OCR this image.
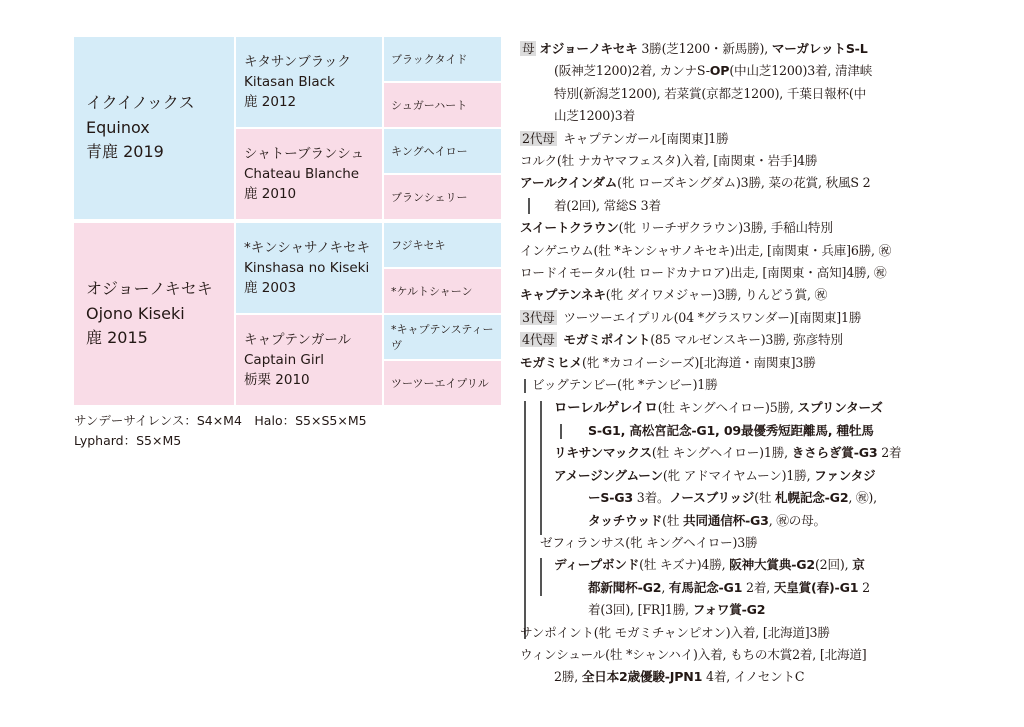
イクイノックス
Equinox
青鹿 2019
オジョーノキセキ
Ojono Kiseki
鹿 2015
キタサンブラック
Kitasan Black
鹿 2012
シャトーブランシュ
Chateau Blanche
鹿 2010
*キンシャサノキセキ
Kinshasa no Kiseki
鹿 2003
キャプテンガール
Captain Girl
栃栗 2010
ブラックタイド
シュガーハート
キングヘイロー
ブランシェリー
フジキセキ
*ケルトシャーン
*キャプテンスティーヴ
ツーツーエイプリル
サンデーサイレンス：S4×M4　Halo：S5×S5×M5
Lyphard：S5×M5
母 オジョーノキセキ 3勝(芝1200・新馬勝), マーガレットS-L
(阪神芝1200)2着, カンナS-OP(中山芝1200)3着, 清津峡
特別(新潟芝1200), 若菜賞(京都芝1200), 千葉日報杯(中
山芝1200)3着
2代母 キャプテンガール[南関東]1勝
コルク(牡 ナカヤマフェスタ)入着, [南関東・岩手]4勝
アールクインダム(牝 ローズキングダム)3勝, 菜の花賞, 秋風S 2
着(2回), 常総S 3着
スイートクラウン(牝 リーチザクラウン)3勝, 手稲山特別
インゲニウム(牡 *キンシャサノキセキ)出走, [南関東・兵庫]6勝, ㊗
ロードイモータル(牡 ロードカナロア)出走, [南関東・高知]4勝, ㊗
キャプテンネキ(牝 ダイワメジャー)3勝, りんどう賞, ㊗
3代母 ツーツーエイプリル(04 *グラスワンダー)[南関東]1勝
4代母 モガミポイント(85 マルゼンスキー)3勝, 弥彦特別
モガミヒメ(牝 *カコイーシーズ)[北海道・南関東]3勝
ビッグテンビー(牝 *テンビー)1勝
ローレルゲレイロ(牡 キングヘイロー)5勝, スプリンターズ
S-G1, 高松宮記念-G1, 09最優秀短距離馬, 種牡馬
リキサンマックス(牡 キングヘイロー)1勝, きさらぎ賞-G3 2着
アメージングムーン(牝 アドマイヤムーン)1勝, ファンタジ
ーS-G3 3着。ノースブリッジ(牡 札幌記念-G2, ㊗),
タッチウッド(牡 共同通信杯-G3, ㊗の母。
ゼフィランサス(牝 キングヘイロー)3勝
ディープボンド(牡 キズナ)4勝, 阪神大賞典-G2(2回), 京
都新聞杯-G2, 有馬記念-G1 2着, 天皇賞(春)-G1 2
着(3回), [FR]1勝, フォワ賞-G2
サンポイント(牝 モガミチャンピオン)入着, [北海道]3勝
ウィンシュール(牡 *シャンハイ)入着, もちの木賞2着, [北海道]
2勝, 全日本2歳優駿-JPN1 4着, イノセントC
